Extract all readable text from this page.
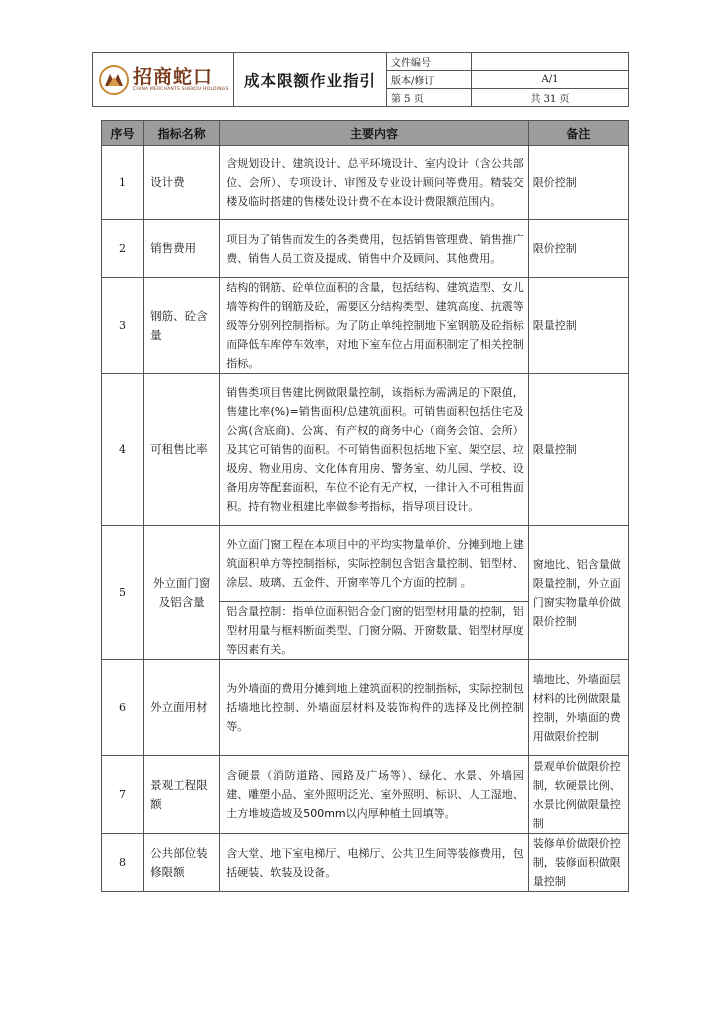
招商蛇口
CHINA MERCHANTS SHEKOU HOLDINGS	成本限额作业指引	文件编号	
		版本/修订	A/1
		第 5 页	共 31 页
序号	指标名称	主要内容	备注
1	设计费	含规划设计、建筑设计、总平环境设计、室内设计（含公共部位、会所）、专项设计、审图及专业设计顾问等费用。精装交楼及临时搭建的售楼处设计费不在本设计费限额范围内。	限价控制
2	销售费用	项目为了销售而发生的各类费用，包括销售管理费、销售推广费、销售人员工资及提成、销售中介及顾问、其他费用。	限价控制
3	钢筋、砼含量	结构的钢筋、砼单位面积的含量，包括结构、建筑造型、女儿墙等构件的钢筋及砼，需要区分结构类型、建筑高度、抗震等级等分别列控制指标。为了防止单纯控制地下室钢筋及砼指标而降低车库停车效率，对地下室车位占用面积制定了相关控制指标。	限量控制
4	可租售比率	销售类项目售建比例做限量控制，该指标为需满足的下限值，售建比率(%)=销售面积/总建筑面积。可销售面积包括住宅及公寓(含底商)、公寓、有产权的商务中心（商务会馆、会所）及其它可销售的面积。不可销售面积包括地下室、架空层、垃圾房、物业用房、文化体育用房、警务室、幼儿园、学校、设备用房等配套面积，车位不论有无产权，一律计入不可租售面积。持有物业租建比率做参考指标，指导项目设计。	限量控制
5	外立面门窗及铝含量	外立面门窗工程在本项目中的平均实物量单价、分摊到地上建筑面积单方等控制指标，实际控制包含铝含量控制、铝型材、涂层、玻璃、五金件、开窗率等几个方面的控制 。	窗地比、铝含量做限量控制，外立面门窗实物量单价做限价控制
		铝含量控制：指单位面积铝合金门窗的铝型材用量的控制，铝型材用量与框料断面类型、门窗分隔、开窗数量、铝型材厚度等因素有关。	
6	外立面用材	为外墙面的费用分摊到地上建筑面积的控制指标，实际控制包括墙地比控制、外墙面层材料及装饰构件的选择及比例控制等。	墙地比、外墙面层材料的比例做限量控制，外墙面的费用做限价控制
7	景观工程限额	含硬景（消防道路、园路及广场等）、绿化、水景、外墙园建、雕塑小品、室外照明泛光、室外照明、标识、人工湿地、土方堆坡造坡及500mm以内厚种植土回填等。	景观单价做限价控制，软硬景比例、水景比例做限量控制
8	公共部位装修限额	含大堂、地下室电梯厅、电梯厅、公共卫生间等装修费用，包括硬装、软装及设备。	装修单价做限价控制，装修面积做限量控制
